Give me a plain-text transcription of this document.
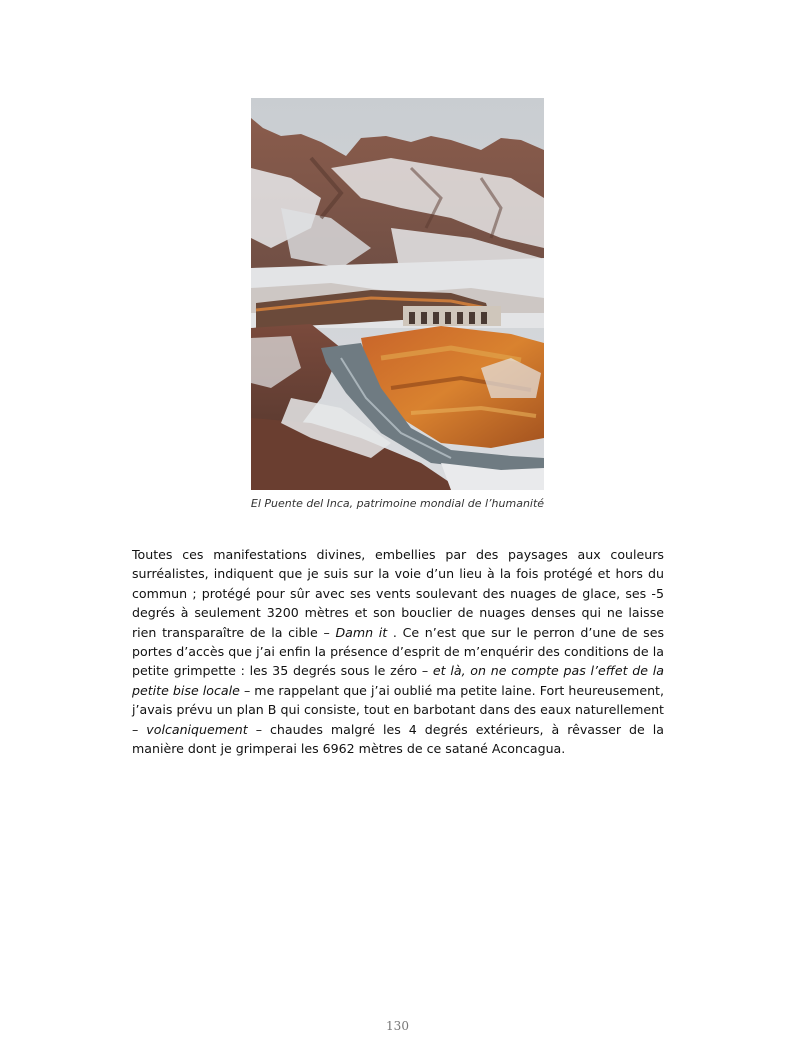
El Puente del Inca, patrimoine mondial de l’humanité
Toutes ces manifestations divines, embellies par des paysages aux couleurs surréalistes, indiquent que je suis sur la voie d’un lieu à la fois protégé et hors du commun ; protégé pour sûr avec ses vents soulevant des nuages de glace, ses -5 degrés à seulement 3200 mètres et son bouclier de nuages denses qui ne laisse rien transparaître de la cible – Damn it . Ce n’est que sur le perron d’une de ses portes d’accès que j’ai enfin la présence d’esprit de m’enquérir des conditions de la petite grimpette : les 35 degrés sous le zéro – et là, on ne compte pas l’effet de la petite bise locale – me rappelant que j’ai oublié ma petite laine. Fort heureusement, j’avais prévu un plan B qui consiste, tout en barbotant dans des eaux naturellement – volcaniquement – chaudes malgré les 4 degrés extérieurs, à rêvasser de la manière dont je grimperai les 6962 mètres de ce satané Aconcagua.
130
